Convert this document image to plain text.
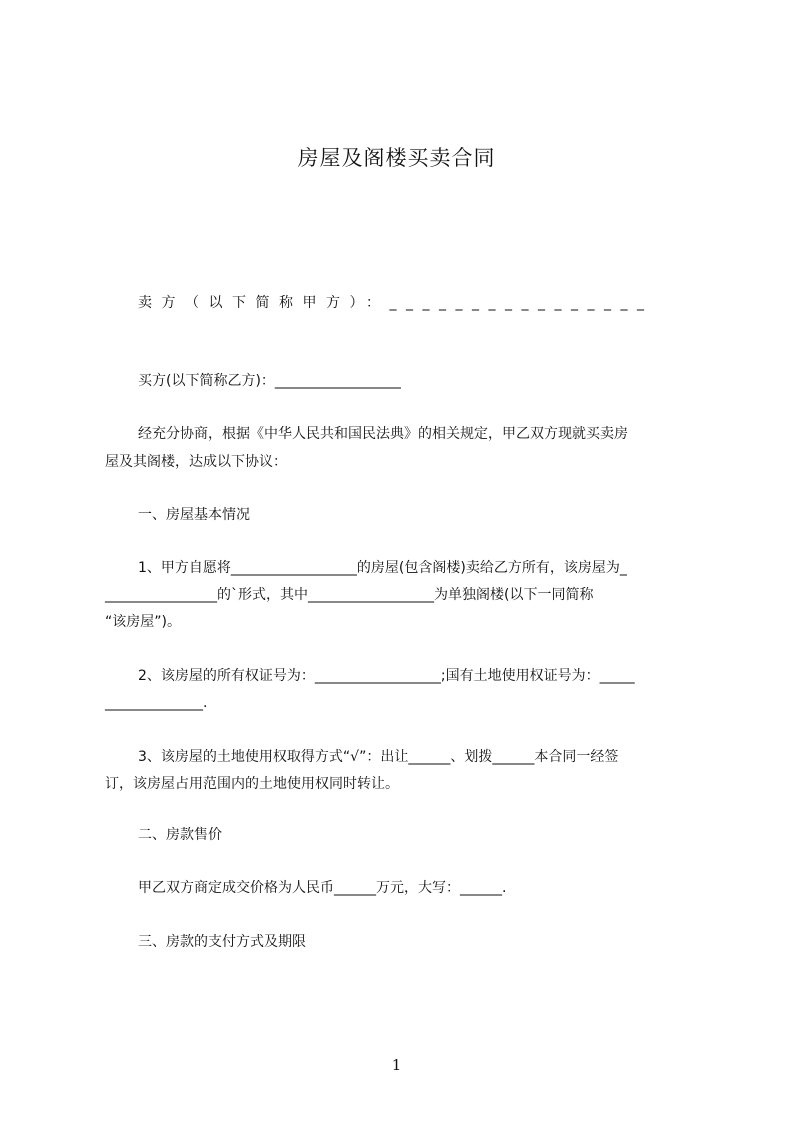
房屋及阁楼买卖合同
卖方（以下简称甲方）：________________
买方(以下简称乙方)：__________________
经充分协商，根据《中华人民共和国民法典》的相关规定，甲乙双方现就买卖房
屋及其阁楼，达成以下协议：
一、房屋基本情况
1、甲方自愿将__________________的房屋(包含阁楼)卖给乙方所有，该房屋为_
________________的`形式，其中__________________为单独阁楼(以下一同简称
“该房屋”)。
2、该房屋的所有权证号为：__________________;国有土地使用权证号为：_____
______________.
3、该房屋的土地使用权取得方式“√”：出让______、划拨______本合同一经签
订，该房屋占用范围内的土地使用权同时转让。
二、房款售价
甲乙双方商定成交价格为人民币______万元，大写：______.
三、房款的支付方式及期限
1
